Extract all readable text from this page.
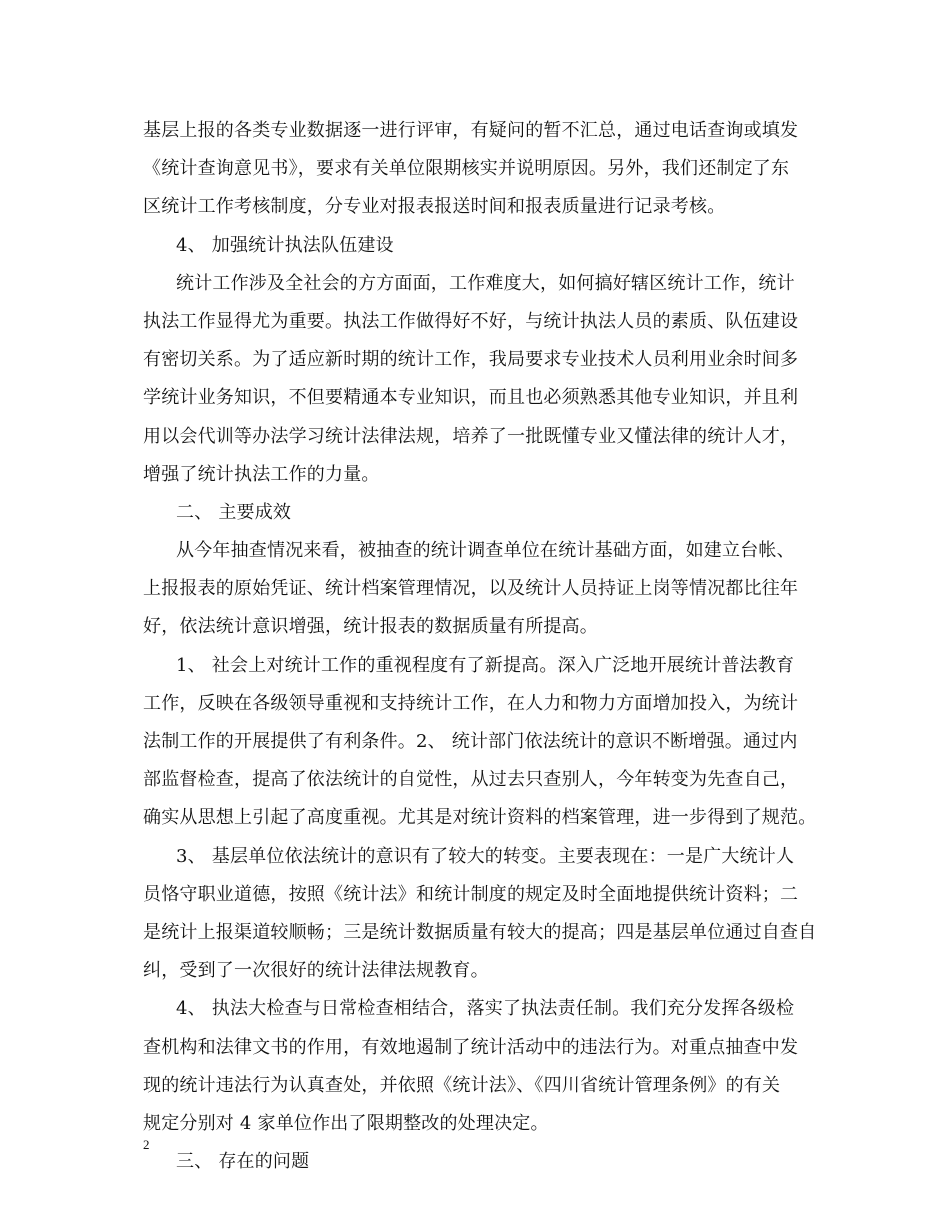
基层上报的各类专业数据逐一进行评审，有疑问的暂不汇总，通过电话查询或填发
《统计查询意见书》，要求有关单位限期核实并说明原因。另外，我们还制定了东
区统计工作考核制度，分专业对报表报送时间和报表质量进行记录考核。
4、 加强统计执法队伍建设
统计工作涉及全社会的方方面面，工作难度大，如何搞好辖区统计工作，统计
执法工作显得尤为重要。执法工作做得好不好，与统计执法人员的素质、队伍建设
有密切关系。为了适应新时期的统计工作，我局要求专业技术人员利用业余时间多
学统计业务知识，不但要精通本专业知识，而且也必须熟悉其他专业知识，并且利
用以会代训等办法学习统计法律法规，培养了一批既懂专业又懂法律的统计人才，
增强了统计执法工作的力量。
二、 主要成效
从今年抽查情况来看，被抽查的统计调查单位在统计基础方面，如建立台帐、
上报报表的原始凭证、统计档案管理情况，以及统计人员持证上岗等情况都比往年
好，依法统计意识增强，统计报表的数据质量有所提高。
1、 社会上对统计工作的重视程度有了新提高。深入广泛地开展统计普法教育
工作，反映在各级领导重视和支持统计工作，在人力和物力方面增加投入，为统计
法制工作的开展提供了有利条件。2、 统计部门依法统计的意识不断增强。通过内
部监督检查，提高了依法统计的自觉性，从过去只查别人，今年转变为先查自己，
确实从思想上引起了高度重视。尤其是对统计资料的档案管理，进一步得到了规范。
3、 基层单位依法统计的意识有了较大的转变。主要表现在：一是广大统计人
员恪守职业道德，按照《统计法》和统计制度的规定及时全面地提供统计资料；二
是统计上报渠道较顺畅；三是统计数据质量有较大的提高；四是基层单位通过自查自
纠，受到了一次很好的统计法律法规教育。
4、 执法大检查与日常检查相结合，落实了执法责任制。我们充分发挥各级检
查机构和法律文书的作用，有效地遏制了统计活动中的违法行为。对重点抽查中发
现的统计违法行为认真查处，并依照《统计法》、《四川省统计管理条例》的有关
规定分别对 4 家单位作出了限期整改的处理决定。
三、 存在的问题
2
